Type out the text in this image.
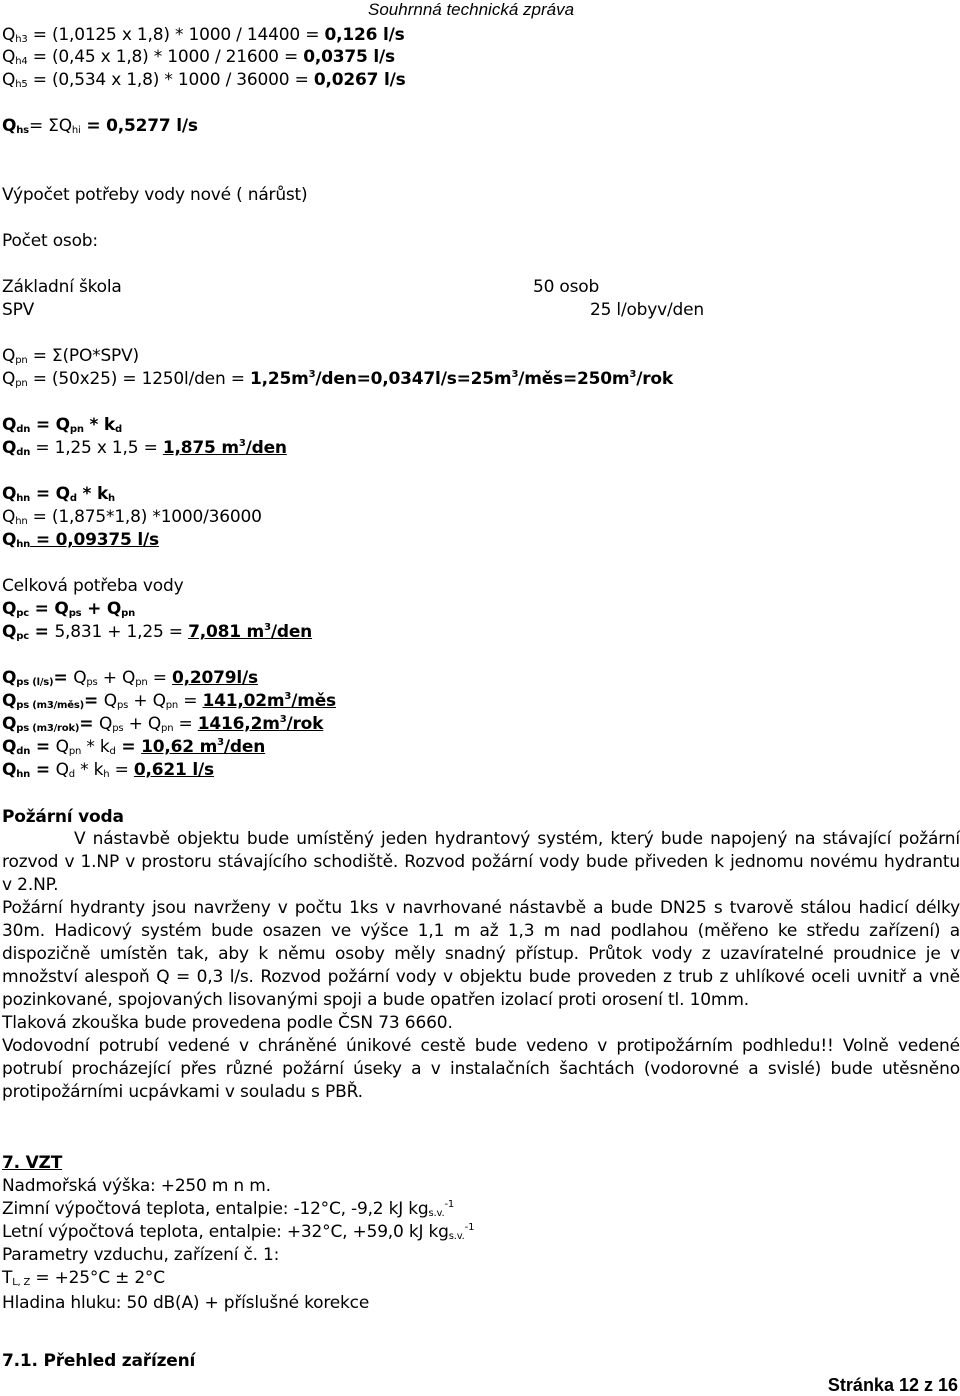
Souhrnná technická zpráva
$Q_{h3} = (1,0125$ x 1,8) * 1000 / 14400 = 0,126 l/s
$Q_{h4} = (0,45$ x 1,8) * 1000 / 21600 = 0,0375 l/s
$Q_{h5} = (0,534$ x 1,8) * 1000 / 36000 = 0,0267 l/s
$Q_{hs}= \Sigma Q_{hi} = 0,5277$ l/s
Výpočet potřeby vody nové ( nárůst)
Počet osob:
Základní škola	50 osob
SPV	25 l/obyv/den
$Q_{pn} = \Sigma(PO*SPV)$
$Q_{pn} = (50x25) = 1250l/den$ = $1,25m^3/den=0,0347l/s=25m^3/měs=250m^3$/rok
$Q_{dn} = Q_{pn} * k_d$
$Q_{dn} = 1,25$ x 1,5 = 1,875 $m^3$/den
$Q_{hn} = Q_d * k_h$
$Q_{hn} = (1,875*1,8)$ *1000/36000
$Q_{hn} = 0,09375$ l/s
Celková potřeba vody
$Q_{pc} = Q_{ps} + Q_{pn}$
$Q_{pc} = 5,831 + 1,25 = 7,081$ $m^3$/den
$Q_{ps (l/s)}= Q_{ps} + Q_{pn} = 0,2079l/s$
$Q_{ps (m3/měs)}= Q_{ps} + Q_{pn}$ = $141,02m^3$/měs
$Q_{ps (m3/rok)}= Q_{ps} + Q_{pn} = 1416,2m^3/rok$
$Q_{dn} = Q_{pn} * k_d = 10,62$ $m^3$/den
$Q_{hn} = Q_d * k_h = 0,621$ l/s
Požární voda

V nástavbě objektu bude umístěný jeden hydrantový systém, který bude napojený na stávající požární rozvod v 1.NP v prostoru stávajícího schodiště. Rozvod požární vody bude přiveden k jednomu novému hydrantu v 2.NP.

Požární hydranty jsou navrženy v počtu 1ks v navrhované nástavbě a bude DN25 s tvarově stálou hadicí délky 30m. Hadicový systém bude osazen ve výšce 1,1 m až 1,3 m nad podlahou (měřeno ke středu zařízení) a dispozičně umístěn tak, aby k němu osoby měly snadný přístup. Průtok vody z uzavíratelné proudnice je v množství alespoň Q = 0,3 l/s. Rozvod požární vody v objektu bude proveden z trub z uhlíkové oceli uvnitř a vně pozinkované, spojovaných lisovanými spoji a bude opatřen izolací proti orosení tl. 10mm.

Tlaková zkouška bude provedena podle ČSN 73 6660.

Vodovodní potrubí vedené v chráněné únikové cestě bude vedeno v protipožárním podhledu!! Volně vedené potrubí procházející přes různé požární úseky a v instalačních šachtách (vodorovné a svislé) bude utěsněno protipožárními ucpávkami v souladu s PBŘ.

7. VZT
Nadmořská výška: +250 m n m.
Zimní výpočtová teplota, entalpie: -12°C, -9,2 kJ $kg_{s.v.}^{-1}$
Letní výpočtová teplota, entalpie: +32°C, +59,0 kJ $kg_{s.v.}^{-1}$
Parametry vzduchu, zařízení č. 1:
$T_{L, Z} = +25^\circ C \pm 2^\circ C$
Hladina hluku: 50 dB(A) + příslušné korekce
7.1. Přehled zařízení
Stránka 12 z 16
